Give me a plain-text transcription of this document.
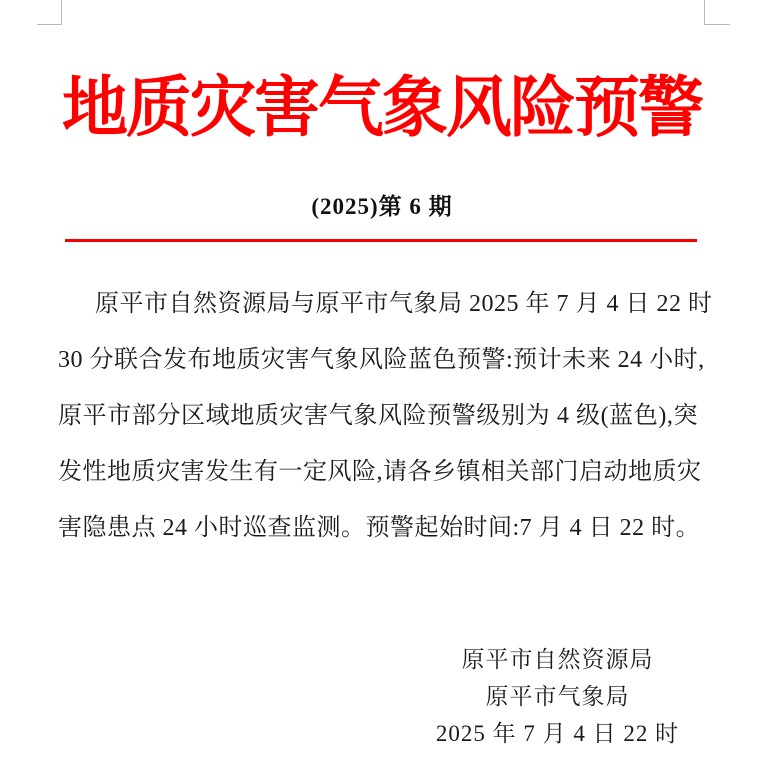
地质灾害气象风险预警
(2025)第 6 期
原平市自然资源局与原平市气象局 2025 年 7 月 4 日 22 时
30 分联合发布地质灾害气象风险蓝色预警:预计未来 24 小时,
原平市部分区域地质灾害气象风险预警级别为 4 级(蓝色),突
发性地质灾害发生有一定风险,请各乡镇相关部门启动地质灾
害隐患点 24 小时巡查监测。预警起始时间:7 月 4 日 22 时。
原平市自然资源局
原平市气象局
2025 年 7 月 4 日 22 时
